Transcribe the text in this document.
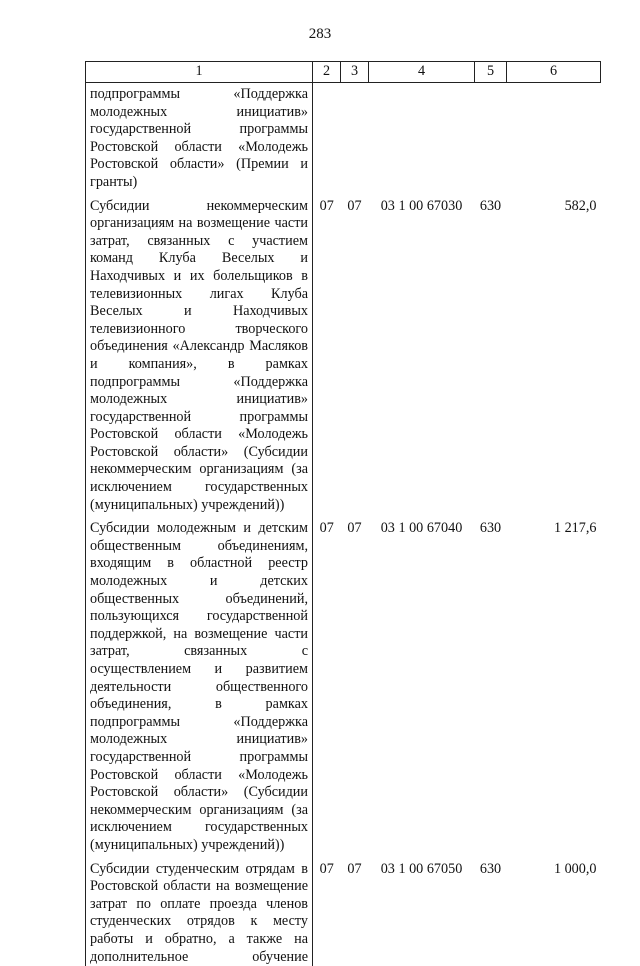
283
1	2	3	4	5	6
подпрограммы «Поддержка молодежных инициатив» государственной программы Ростовской области «Молодежь Ростовской области» (Премии и гранты)					
Субсидии некоммерческим организациям на возмещение части затрат, связанных с участием команд Клуба Веселых и Находчивых и их болельщиков в телевизионных лигах Клуба Веселых и Находчивых телевизионного творческого объединения «Александр Масляков и компания», в рамках подпрограммы «Поддержка молодежных инициатив» государственной программы Ростовской области «Молодежь Ростовской области» (Субсидии некоммерческим организациям (за исключением государственных (муниципальных) учреждений))	07	07	03 1 00 67030	630	582,0
Субсидии молодежным и детским общественным объединениям, входящим в областной реестр молодежных и детских общественных объединений, пользующихся государственной поддержкой, на возмещение части затрат, связанных с осуществлением и развитием деятельности общественного объединения, в рамках подпрограммы «Поддержка молодежных инициатив» государственной программы Ростовской области «Молодежь Ростовской области» (Субсидии некоммерческим организациям (за исключением государственных (муниципальных) учреждений))	07	07	03 1 00 67040	630	1 217,6
Субсидии студенческим отрядам в Ростовской области на возмещение затрат по оплате проезда членов студенческих отрядов к месту работы и обратно, а также на дополнительное обучение	07	07	03 1 00 67050	630	1 000,0
